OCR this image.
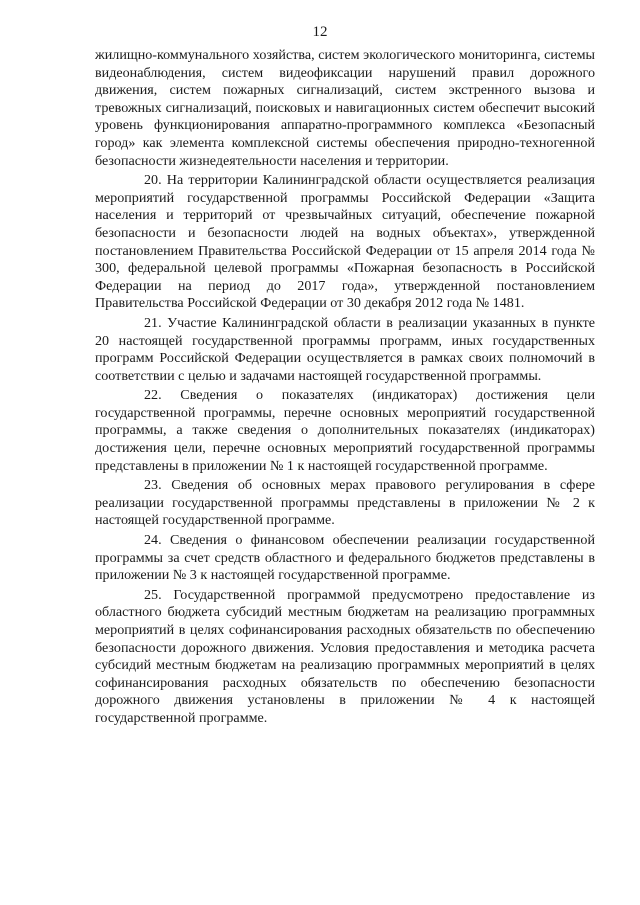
12

жилищно-коммунального хозяйства, систем экологического мониторинга, системы видеонаблюдения, систем видеофиксации нарушений правил дорожного движения, систем пожарных сигнализаций, систем экстренного вызова и тревожных сигнализаций, поисковых и навигационных систем обеспечит высокий уровень функционирования аппаратно-программного комплекса «Безопасный город» как элемента комплексной системы обеспечения природно-техногенной безопасности жизнедеятельности населения и территории.

20. На территории Калининградской области осуществляется реализация мероприятий государственной программы Российской Федерации «Защита населения и территорий от чрезвычайных ситуаций, обеспечение пожарной безопасности и безопасности людей на водных объектах», утвержденной постановлением Правительства Российской Федерации от 15 апреля 2014 года № 300, федеральной целевой программы «Пожарная безопасность в Российской Федерации на период до 2017 года», утвержденной постановлением Правительства Российской Федерации от 30 декабря 2012 года № 1481.

21. Участие Калининградской области в реализации указанных в пункте 20 настоящей государственной программы программ, иных государственных программ Российской Федерации осуществляется в рамках своих полномочий в соответствии с целью и задачами настоящей государственной программы.

22. Сведения о показателях (индикаторах) достижения цели государственной программы, перечне основных мероприятий государственной программы, а также сведения о дополнительных показателях (индикаторах) достижения цели, перечне основных мероприятий государственной программы представлены в приложении № 1 к настоящей государственной программе.

23. Сведения об основных мерах правового регулирования в сфере реализации государственной программы представлены в приложении № 2 к настоящей государственной программе.

24. Сведения о финансовом обеспечении реализации государственной программы за счет средств областного и федерального бюджетов представлены в приложении № 3 к настоящей государственной программе.

25. Государственной программой предусмотрено предоставление из областного бюджета субсидий местным бюджетам на реализацию программных мероприятий в целях софинансирования расходных обязательств по обеспечению безопасности дорожного движения. Условия предоставления и методика расчета субсидий местным бюджетам на реализацию программных мероприятий в целях софинансирования расходных обязательств по обеспечению безопасности дорожного движения установлены в приложении № 4 к настоящей государственной программе.
